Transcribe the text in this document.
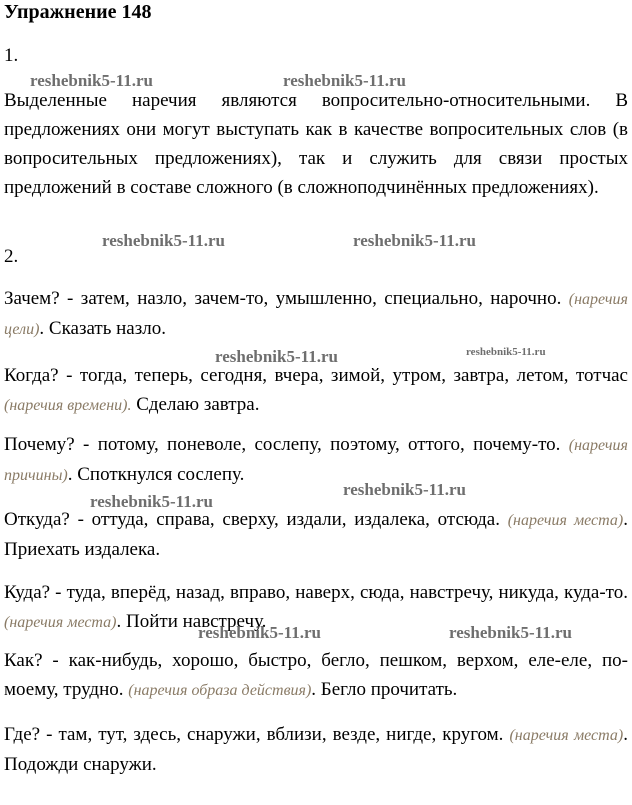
Упражнение 148
1.
Выделенные наречия являются вопросительно-относительными. В предложениях они могут выступать как в качестве вопросительных слов (в вопросительных предложениях), так и служить для связи простых предложений в составе сложного (в сложноподчинённых предложениях).
2.
Зачем? - затем, назло, зачем-то, умышленно, специально, нарочно. (наречия цели). Сказать назло.
Когда? - тогда, теперь, сегодня, вчера, зимой, утром, завтра, летом, тотчас (наречия времени). Сделаю завтра.
Почему? - потому, поневоле, сослепу, поэтому, оттого, почему-то. (наречия причины). Споткнулся сослепу.
Откуда? - оттуда, справа, сверху, издали, издалека, отсюда. (наречия места). Приехать издалека.
Куда? - туда, вперёд, назад, вправо, наверх, сюда, навстречу, никуда, куда-то. (наречия места). Пойти навстречу.
Как? - как-нибудь, хорошо, быстро, бегло, пешком, верхом, еле-еле, по-моему, трудно. (наречия образа действия). Бегло прочитать.
Где? - там, тут, здесь, снаружи, вблизи, везде, нигде, кругом. (наречия места). Подожди снаружи.
reshebnik5-11.ru	reshebnik5-11.ru
reshebnik5-11.ru	reshebnik5-11.ru
reshebnik5-11.ru	reshebnik5-11.ru
reshebnik5-11.ru
reshebnik5-11.ru
reshebnik5-11.ru	reshebnik5-11.ru
